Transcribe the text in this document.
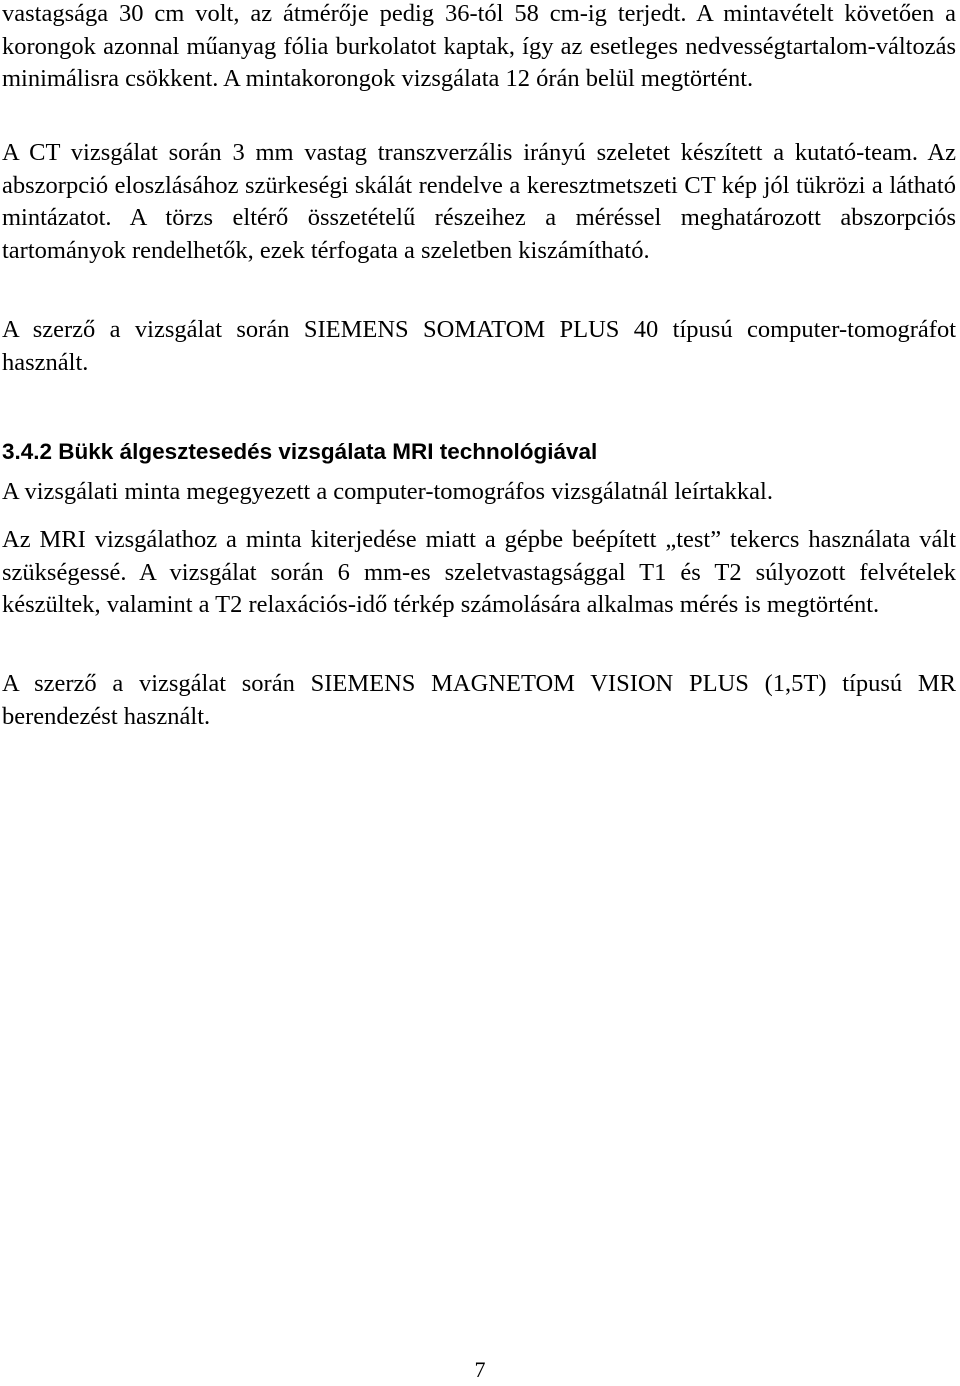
vastagsága 30 cm volt, az átmérője pedig 36-tól 58 cm-ig terjedt. A mintavételt követően a korongok azonnal műanyag fólia burkolatot kaptak, így az esetleges nedvességtartalom-változás minimálisra csökkent. A mintakorongok vizsgálata 12 órán belül megtörtént.

A CT vizsgálat során 3 mm vastag transzverzális irányú szeletet készített a kutató-team. Az abszorpció eloszlásához szürkeségi skálát rendelve a keresztmetszeti CT kép jól tükrözi a látható mintázatot. A törzs eltérő összetételű részeihez a méréssel meghatározott abszorpciós tartományok rendelhetők, ezek térfogata a szeletben kiszámítható.

A szerző a vizsgálat során SIEMENS SOMATOM PLUS 40 típusú computer-tomográfot használt.

3.4.2 Bükk álgesztesedés vizsgálata MRI technológiával

A vizsgálati minta megegyezett a computer-tomográfos vizsgálatnál leírtakkal.

Az MRI vizsgálathoz a minta kiterjedése miatt a gépbe beépített „test” tekercs használata vált szükségessé. A vizsgálat során 6 mm-es szeletvastagsággal T1 és T2 súlyozott felvételek készültek, valamint a T2 relaxációs-idő térkép számolására alkalmas mérés is megtörtént.

A szerző a vizsgálat során SIEMENS MAGNETOM VISION PLUS (1,5T) típusú MR berendezést használt.

7
